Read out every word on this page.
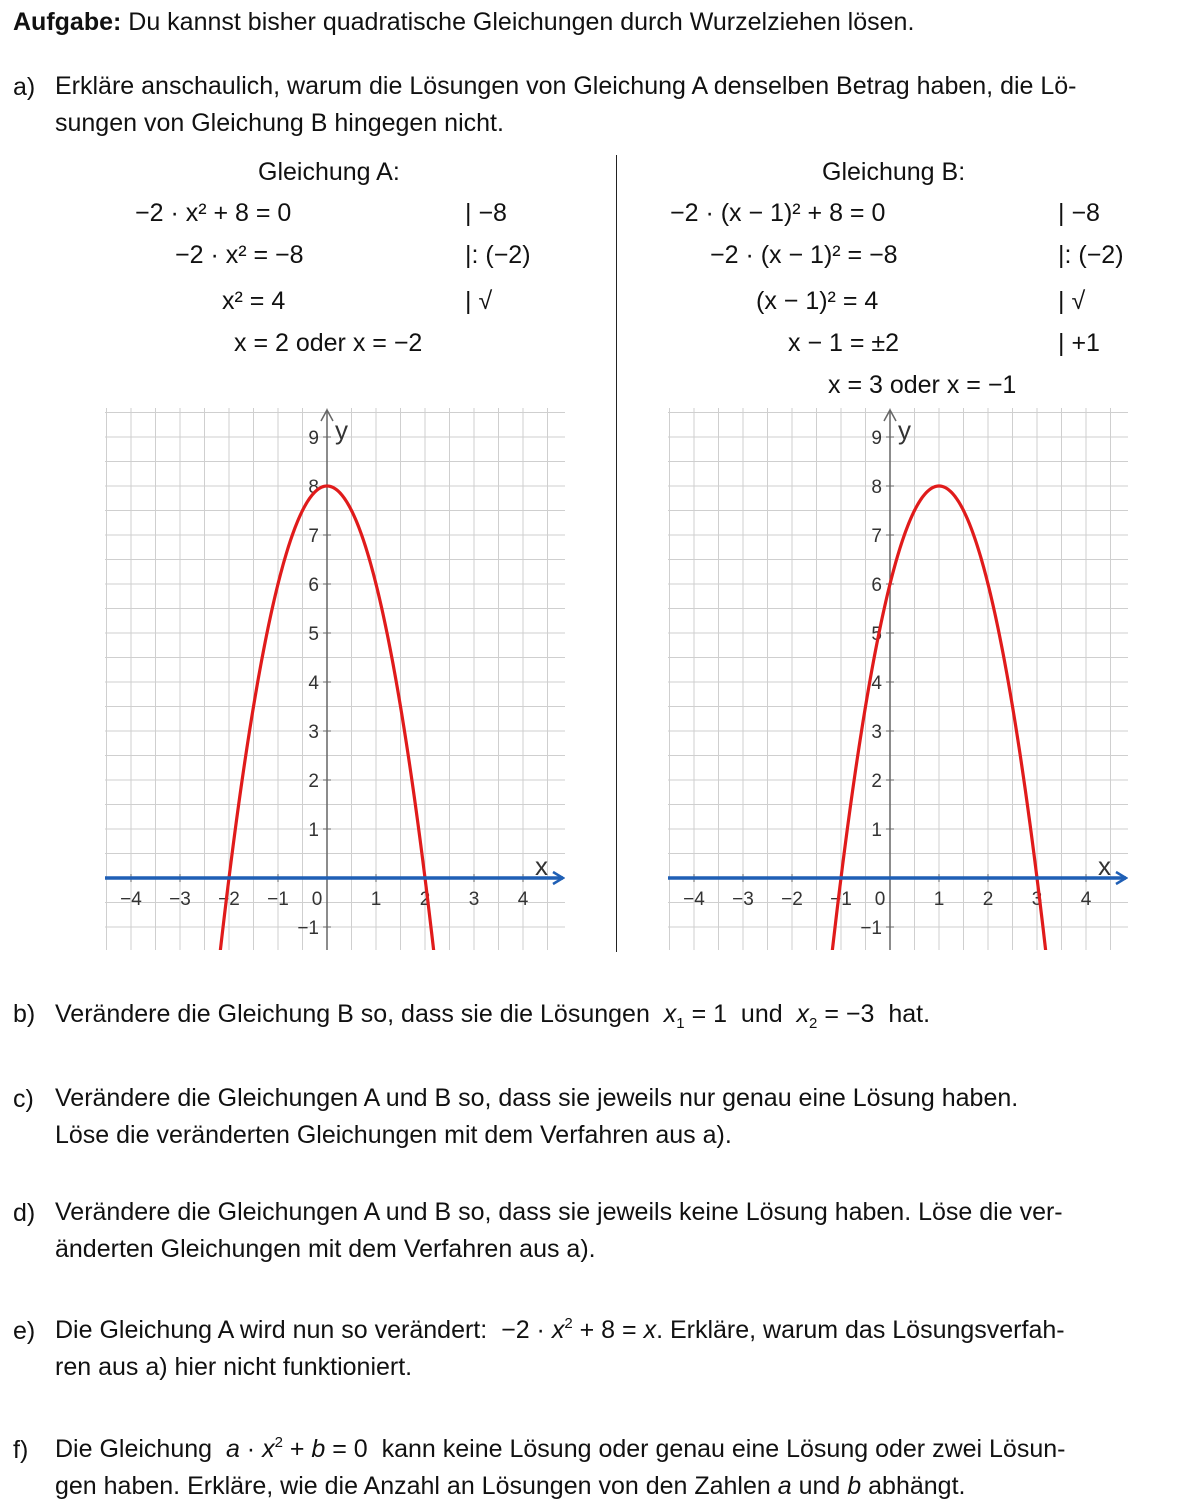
Aufgabe: Du kannst bisher quadratische Gleichungen durch Wurzelziehen lösen.
a) Erkläre anschaulich, warum die Lösungen von Gleichung A denselben Betrag haben, die Lö-
sungen von Gleichung B hingegen nicht.
Gleichung A:
−2 · x² + 8 = 0	| −8
−2 · x² = −8	|: (−2)
x² = 4	| √
x = 2 oder x = −2
Gleichung B:
−2 · (x − 1)² + 8 = 0	| −8
−2 · (x − 1)² = −8	|: (−2)
(x − 1)² = 4	| √
x − 1 = ±2	| +1
x = 3 oder x = −1
−1
1
2
3
4
5
6
7
8
9
−4 −3 −2 −1 0	1 2 3 4
y
x
−1
1
2
3
4
5
6
7
8
9
−4 −3 −2 −1 0	1 2 3 4
y
x
b) Verändere die Gleichung B so, dass sie die Lösungen $x_1 = 1$ und $x_2 = -3$ hat.
c) Verändere die Gleichungen A und B so, dass sie jeweils nur genau eine Lösung haben.
Löse die veränderten Gleichungen mit dem Verfahren aus a).
d) Verändere die Gleichungen A und B so, dass sie jeweils keine Lösung haben. Löse die ver-
änderten Gleichungen mit dem Verfahren aus a).
e) Die Gleichung A wird nun so verändert: $-2 \cdot x^2 + 8 = x$. Erkläre, warum das Lösungsverfah-
ren aus a) hier nicht funktioniert.
f) Die Gleichung $a \cdot x^2 + b = 0$ kann keine Lösung oder genau eine Lösung oder zwei Lösun-
gen haben. Erkläre, wie die Anzahl an Lösungen von den Zahlen a und b abhängt.
